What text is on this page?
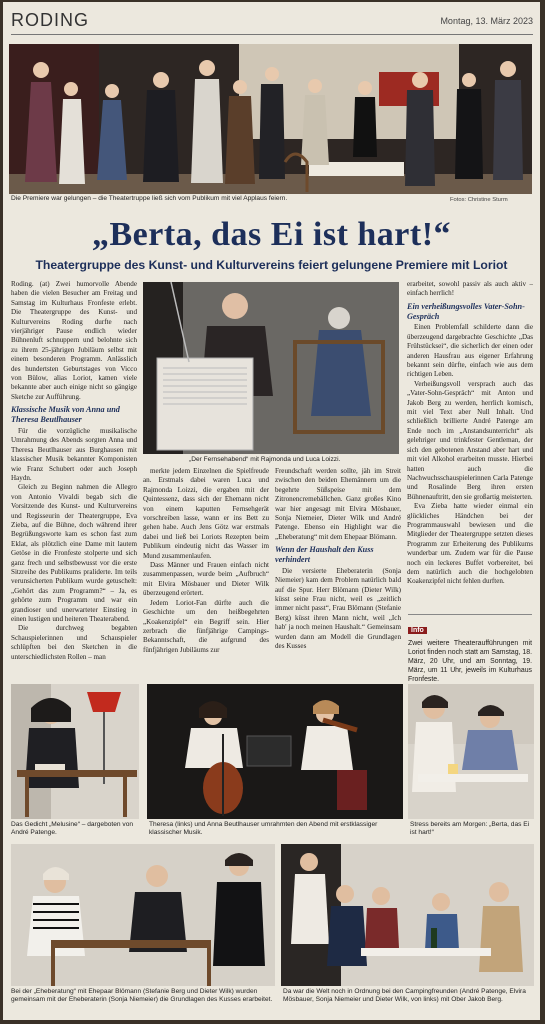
RODING	Montag, 13. März 2023
Die Premiere war gelungen – die Theatertruppe ließ sich vom Publikum mit viel Applaus feiern.	Fotos: Christine Sturm
„Berta, das Ei ist hart!“
Theatergruppe des Kunst- und Kulturvereins feiert gelungene Premiere mit Loriot

Roding. (at) Zwei humorvolle Abende haben die vielen Besucher am Freitag und Samstag im Kulturhaus Fronfeste erlebt. Die Theatergruppe des Kunst- und Kulturvereins Roding durfte nach vierjähriger Pause endlich wieder Bühnenluft schnuppern und belohnte sich zu ihrem 25-jährigen Jubiläum selbst mit einem besonderen Programm. Anlässlich des hundertsten Geburtstages von Vicco von Bülow, alias Loriot, kamen viele bekannte aber auch einige nicht so gängige Sketche zur Aufführung.

Klassische Musik von Anna und Theresa Beutlhauser

Für die vorzügliche musikalische Umrahmung des Abends sorgten Anna und Theresa Beutlhauser aus Burghausen mit klassischer Musik bekannter Komponisten wie Franz Schubert oder auch Joseph Haydn.

Gleich zu Beginn nahmen die Allegro von Antonio Vivaldi begab sich die Vorsitzende des Kunst- und Kulturvereins und Regisseurin der Theatergruppe, Eva Zieba, auf die Bühne, doch während ihrer Begrüßungsworte kam es schon fast zum Eklat, als plötzlich eine Dame mit lautem Getöse in die Fronfeste stolperte und sich ganz frech und selbstbewusst vor die erste Sitzreihe des Publikums praliderte. Im teils verunsicherten Publikum wurde getuschelt: „Gehört das zum Programm?“ – Ja, es gehörte zum Programm und war ein grandioser und unerwarteter Einstieg in einen lustigen und heiteren Theaterabend.

Die durchweg begabten Schauspielerinnen und Schauspieler schlüpften bei den Sketchen in die unterschiedlichsten Rollen – man

„Der Fernsehabend“ mit Rajmonda und Luca Loizzi.

merkte jedem Einzelnen die Spielfreude an. Erstmals dabei waren Luca und Rajmonda Loizzi, die ergaben mit der Quintessenz, dass sich der Ehemann nicht von einem kaputten Fernsehgerät vorschreiben lasse, wann er ins Bett zu gehen habe. Auch Jens Götz war erstmals dabei und ließ bei Loriots Rezepten beim Publikum eindeutig nicht das Wasser im Mund zusammenlaufen.

Dass Männer und Frauen einfach nicht zusammenpassen, wurde beim „Aufbruch“ mit Elvira Mösbauer und Dieter Wilk überzeugend erörtert.

Jedem Loriot-Fan dürfte auch die Geschichte um den heißbegehrten „Koakenzipfel“ ein Begriff sein. Hier zerbrach die fünfjährige Campings-Bekanntschaft, die aufgrund des fünfjährigen Jubiläums zur

Freundschaft werden sollte, jäh im Streit zwischen den beiden Ehemännern um die begehrte Süßspeise mit dem Zitronencremebällchen. Ganz großes Kino war hier angesagt mit Elvira Mösbauer, Sonja Niemeier, Dieter Wilk und André Patenge. Ebenso ein Highlight war die „Eheberatung“ mit dem Ehepaar Blömann.

Wenn der Haushalt den Kuss verhindert

Die versierte Eheberaterin (Sonja Niemeier) kam dem Problem natürlich bald auf die Spur. Herr Blömann (Dieter Wilk) küsst seine Frau nicht, weil es „zeitlich immer nicht passt“, Frau Blömann (Stefanie Berg) küsst ihren Mann nicht, weil „Ich hab' ja noch meinen Haushalt.“ Gemeinsam wurden dann am Modell die Grundlagen des Kusses

erarbeitet, sowohl passiv als auch aktiv – einfach herrlich!

Ein verheißungsvolles Vater-Sohn-Gespräch

Einen Problemfall schilderte dann die überzeugend dargebrachte Geschichte „Das Frühstücksei“, die sicherlich der einen oder anderen Hausfrau aus eigener Erfahrung bekannt sein dürfte, einfach wie aus dem richtigen Leben.

Verheißungsvoll versprach auch das „Vater-Sohn-Gespräch“ mit Anton und Jakob Berg zu werden, herrlich komisch, mit viel Text aber Null Inhalt. Und schließlich brillierte André Patenge am Ende noch im „Anstandsunterricht“ als gelehriger und trinkfester Gentleman, der sich den gebotenen Anstand aber hart und mit viel Alkohol erarbeiten musste. Hierbei hatten auch die Nachwuchsschauspielerinnen Carla Patenge und Rosalinde Berg ihren ersten Bühnenauftritt, den sie großartig meisterten.

Eva Zieba hatte wieder einmal ein glückliches Händchen bei der Programmauswahl bewiesen und die Mitglieder der Theatergruppe setzten dieses Programm zur Erheiterung des Publikums wunderbar um. Zudem war für die Pause noch ein leckeres Buffet vorbereitet, bei dem natürlich auch die hochgelobten Koakenzipfel nicht fehlen durften.

Info
Zwei weitere Theateraufführungen mit Loriot finden noch statt am Samstag, 18. März, 20 Uhr, und am Sonntag, 19. März, um 11 Uhr, jeweils im Kulturhaus Fronfeste.
Das Gedicht „Melusine“ – dargeboten von André Patenge.
Theresa (links) und Anna Beutlhauser umrahmten den Abend mit erstklassiger klassischer Musik.
Stress bereits am Morgen: „Berta, das Ei ist hart!“
Bei der „Eheberatung“ mit Ehepaar Blömann (Stefanie Berg und Dieter Wilk) wurden gemeinsam mit der Eheberaterin (Sonja Niemeier) die Grundlagen des Kusses erarbeitet.
Da war die Welt noch in Ordnung bei den Campingfreunden (André Patenge, Elvira Mösbauer, Sonja Niemeier und Dieter Wilk, von links) mit Ober Jakob Berg.
